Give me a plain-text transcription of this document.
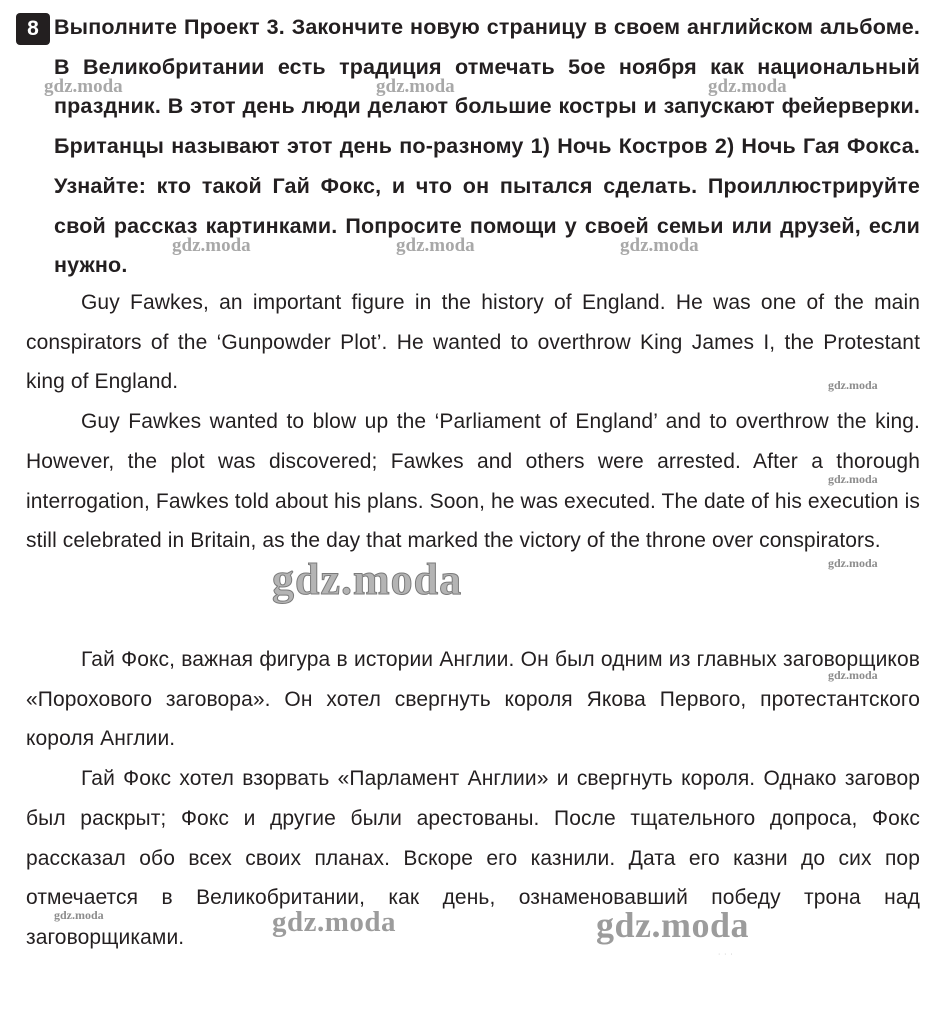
8 Выполните Проект 3. Закончите новую страницу в своем английском альбоме. В Великобритании есть традиция отмечать 5ое ноября как национальный праздник. В этот день люди делают большие костры и запускают фейерверки. Британцы называют этот день по-разному 1) Ночь Костров 2) Ночь Гая Фокса. Узнайте: кто такой Гай Фокс, и что он пытался сделать. Проиллюстрируйте свой рассказ картинками. Попросите помощи у своей семьи или друзей, если нужно.

Guy Fawkes, an important figure in the history of England. He was one of the main conspirators of the ‘Gunpowder Plot’. He wanted to overthrow King James I, the Protestant king of England.

Guy Fawkes wanted to blow up the ‘Parliament of England’ and to overthrow the king. However, the plot was discovered; Fawkes and others were arrested. After a thorough interrogation, Fawkes told about his plans. Soon, he was executed. The date of his execution is still celebrated in Britain, as the day that marked the victory of the throne over conspirators.

Гай Фокс, важная фигура в истории Англии. Он был одним из главных заговорщиков «Порохового заговора». Он хотел свергнуть короля Якова Первого, протестантского короля Англии.

Гай Фокс хотел взорвать «Парламент Англии» и свергнуть короля. Однако заговор был раскрыт; Фокс и другие были арестованы. После тщательного допроса, Фокс рассказал обо всех своих планах. Вскоре его казнили. Дата его казни до сих пор отмечается в Великобритании, как день, ознаменовавший победу трона над заговорщиками.

gdz.moda	gdz.moda	gdz.moda
gdz.moda	gdz.moda	gdz.moda
gdz.moda
gdz.moda
gdz.moda
gdz.moda
gdz.moda
gdz.moda	gdz.moda	gdz.moda
˙ ˙ ˙
